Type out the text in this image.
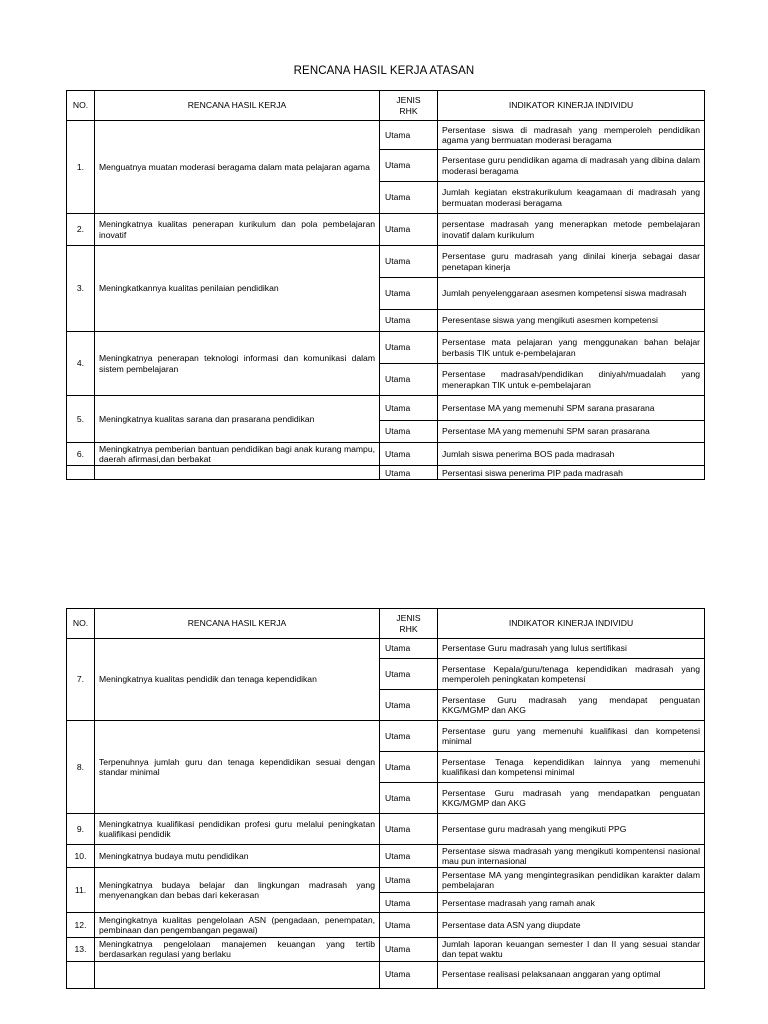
RENCANA HASIL KERJA ATASAN
NO.	RENCANA HASIL KERJA	JENIS
RHK	INDIKATOR KINERJA INDIVIDU
1.	Menguatnya muatan moderasi beragama dalam mata pelajaran agama	Utama	Persentase siswa di madrasah yang memperoleh pendidikan agama yang bermuatan moderasi beragama
		Utama	Persentase guru pendidikan agama di madrasah yang dibina dalam moderasi beragama
		Utama	Jumlah kegiatan ekstrakurikulum keagamaan di madrasah yang bermuatan moderasi beragama
2.	Meningkatnya kualitas penerapan kurikulum dan pola pembelajaran inovatif	Utama	persentase madrasah yang menerapkan metode pembelajaran inovatif dalam kurikulum
3.	Meningkatkannya kualitas penilaian pendidikan	Utama	Persentase guru madrasah yang dinilai kinerja sebagai dasar penetapan kinerja
		Utama	Jumlah penyelenggaraan asesmen kompetensi siswa madrasah
		Utama	Peresentase siswa yang mengikuti asesmen kompetensi
4.	Meningkatnya penerapan teknologi informasi dan komunikasi dalam sistem pembelajaran	Utama	Persentase mata pelajaran yang menggunakan bahan belajar berbasis TIK untuk e-pembelajaran
		Utama	Persentase madrasah/pendidikan diniyah/muadalah yang menerapkan TIK untuk e-pembelajaran
5.	Meningkatnya kualitas sarana dan prasarana pendidikan	Utama	Persentase MA yang memenuhi SPM sarana prasarana
		Utama	Persentase MA yang memenuhi SPM saran prasarana
6.	Meningkatnya pemberian bantuan pendidikan bagi anak kurang mampu, daerah afirmasi,dan berbakat	Utama	Jumlah siswa penerima BOS pada madrasah
		Utama	Persentasi siswa penerima PIP pada madrasah
NO.	RENCANA HASIL KERJA	JENIS
RHK	INDIKATOR KINERJA INDIVIDU
7.	Meningkatnya kualitas pendidik dan tenaga kependidikan	Utama	Persentase Guru madrasah yang lulus sertifikasi
		Utama	Persentase Kepala/guru/tenaga kependidikan madrasah yang memperoleh peningkatan kompetensi
		Utama	Persentase Guru madrasah yang mendapat penguatan KKG/MGMP dan AKG
8.	Terpenuhnya jumlah guru dan tenaga kependidikan sesuai dengan standar minimal	Utama	Persentase guru yang memenuhi kualifikasi dan kompetensi minimal
		Utama	Persentase Tenaga kependidikan lainnya yang memenuhi kualifikasi dan kompetensi minimal
		Utama	Persentase Guru madrasah yang mendapatkan penguatan KKG/MGMP dan AKG
9.	Meningkatnya kualifikasi pendidikan profesi guru melalui peningkatan kualifikasi pendidik	Utama	Persentase guru madrasah yang mengikuti PPG
10.	Meningkatnya budaya mutu pendidikan	Utama	Persentase siswa madrasah yang mengikuti kompentensi nasional mau pun internasional
11.	Meningkatnya budaya belajar dan lingkungan madrasah yang menyenangkan dan bebas dari kekerasan	Utama	Persentase MA yang mengintegrasikan pendidikan karakter dalam pembelajaran
		Utama	Persentase madrasah yang ramah anak
12.	Mengingkatnya kualitas pengelolaan ASN (pengadaan, penempatan, pembinaan dan pengembangan pegawai)	Utama	Persentase data ASN yang diupdate
13.	Meningkatnya pengelolaan manajemen keuangan yang tertib berdasarkan regulasi yang berlaku	Utama	Jumlah laporan keuangan semester I dan II yang sesuai standar dan tepat waktu
		Utama	Persentase realisasi pelaksanaan anggaran yang optimal
